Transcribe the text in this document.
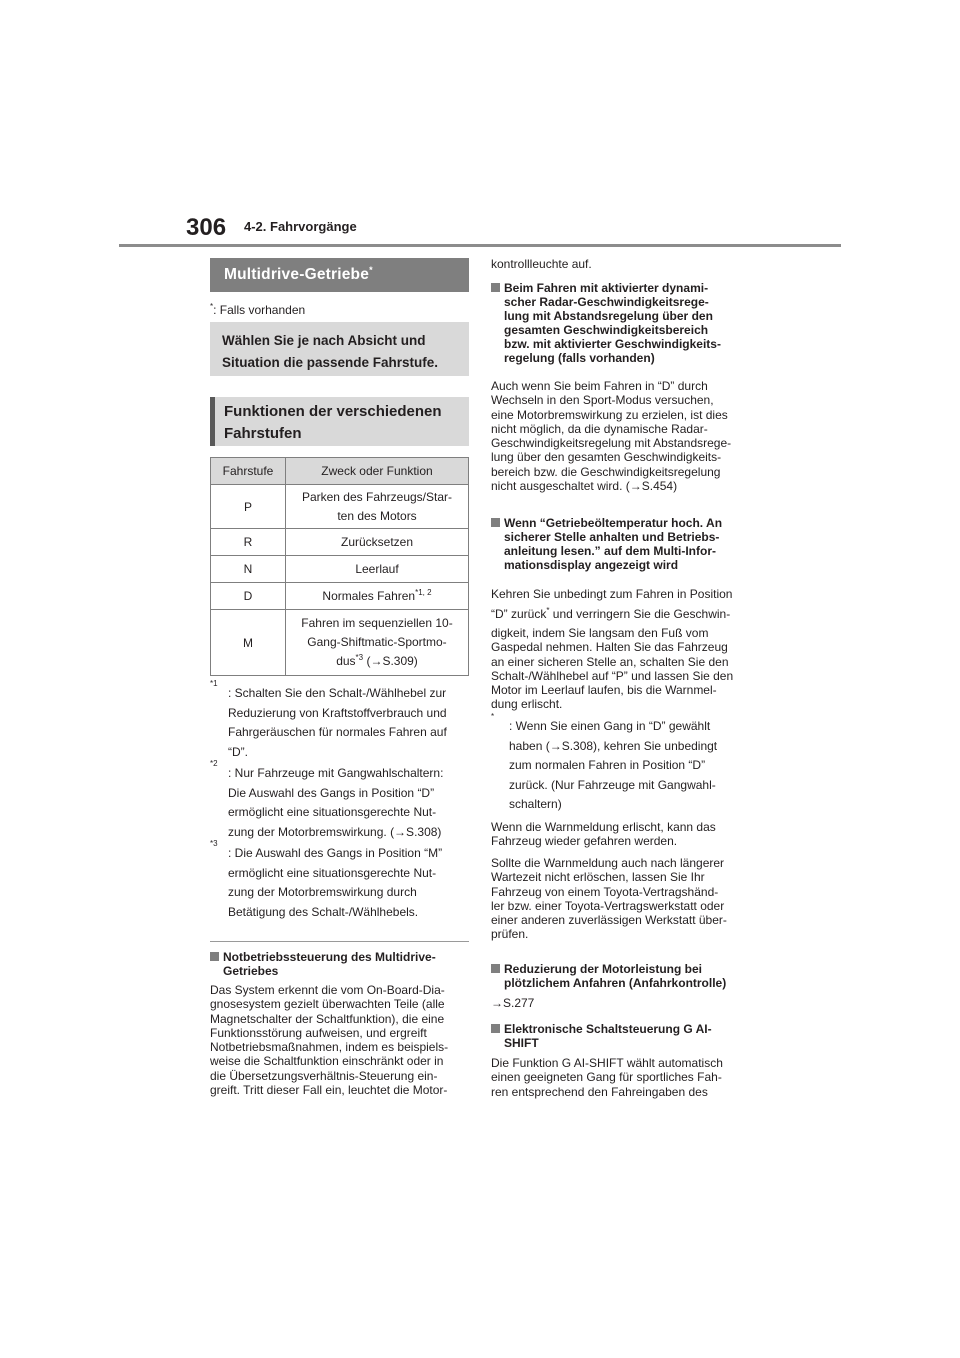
306 4-2. Fahrvorgänge
Multidrive-Getriebe*
*: Falls vorhanden
Wählen Sie je nach Absicht und
Situation die passende Fahrstufe.
Funktionen der verschiedenen
Fahrstufen
Fahrstufe	Zweck oder Funktion
P	Parken des Fahrzeugs/Star-
ten des Motors

R	Zurücksetzen
N	Leerlauf
D	Normales Fahren$^{*1, 2}$
M	Fahren im sequenziellen 10-
Gang-Shiftmatic-Sportmo-
dus$^{*3}$ (→S.309)
*1
: Schalten Sie den Schalt-/Wählhebel zur
Reduzierung von Kraftstoffverbrauch und
Fahrgeräuschen für normales Fahren auf
“D”.
*2
: Nur Fahrzeuge mit Gangwahlschaltern:
Die Auswahl des Gangs in Position “D”
ermöglicht eine situationsgerechte Nut-
zung der Motorbremswirkung. (→S.308)
*3
: Die Auswahl des Gangs in Position “M”
ermöglicht eine situationsgerechte Nut-
zung der Motorbremswirkung durch
Betätigung des Schalt-/Wählhebels.
Notbetriebssteuerung des Multidrive-
Getriebes
Das System erkennt die vom On-Board-Dia-
gnosesystem gezielt überwachten Teile (alle
Magnetschalter der Schaltfunktion), die eine
Funktionsstörung aufweisen, und ergreift
Notbetriebsmaßnahmen, indem es beispiels-
weise die Schaltfunktion einschränkt oder in
die Übersetzungsverhältnis-Steuerung ein-
greift. Tritt dieser Fall ein, leuchtet die Motor-
kontrollleuchte auf.
Beim Fahren mit aktivierter dynami-
scher Radar-Geschwindigkeitsrege-
lung mit Abstandsregelung über den
gesamten Geschwindigkeitsbereich
bzw. mit aktivierter Geschwindigkeits-
regelung (falls vorhanden)
Auch wenn Sie beim Fahren in “D” durch
Wechseln in den Sport-Modus versuchen,
eine Motorbremswirkung zu erzielen, ist dies
nicht möglich, da die dynamische Radar-
Geschwindigkeitsregelung mit Abstandsrege-
lung über den gesamten Geschwindigkeits-
bereich bzw. die Geschwindigkeitsregelung
nicht ausgeschaltet wird. (→S.454)
Wenn “Getriebeöltemperatur hoch. An
sicherer Stelle anhalten und Betriebs-
anleitung lesen.” auf dem Multi-Infor-
mationsdisplay angezeigt wird
Kehren Sie unbedingt zum Fahren in Position
“D” zurück* und verringern Sie die Geschwin-
digkeit, indem Sie langsam den Fuß vom
Gaspedal nehmen. Halten Sie das Fahrzeug
an einer sicheren Stelle an, schalten Sie den
Schalt-/Wählhebel auf “P” und lassen Sie den
Motor im Leerlauf laufen, bis die Warnmel-
dung erlischt.
*
: Wenn Sie einen Gang in “D” gewählt
haben (→S.308), kehren Sie unbedingt
zum normalen Fahren in Position “D”
zurück. (Nur Fahrzeuge mit Gangwahl-
schaltern)
Wenn die Warnmeldung erlischt, kann das
Fahrzeug wieder gefahren werden.
Sollte die Warnmeldung auch nach längerer
Wartezeit nicht erlöschen, lassen Sie Ihr
Fahrzeug von einem Toyota-Vertragshänd-
ler bzw. einer Toyota-Vertragswerkstatt oder
einer anderen zuverlässigen Werkstatt über-
prüfen.
Reduzierung der Motorleistung bei
plötzlichem Anfahren (Anfahrkontrolle)
→S.277
Elektronische Schaltsteuerung G AI-
SHIFT
Die Funktion G AI-SHIFT wählt automatisch
einen geeigneten Gang für sportliches Fah-
ren entsprechend den Fahreingaben des
